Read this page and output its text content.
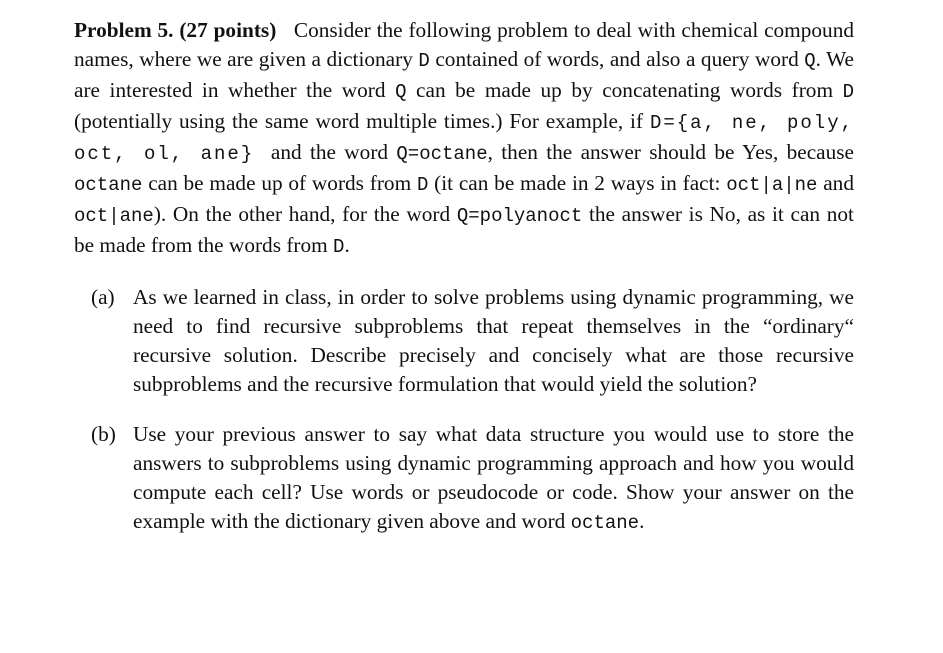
Problem 5. (27 points) Consider the following problem to deal with chemical compound names, where we are given a dictionary D contained of words, and also a query word Q. We are interested in whether the word Q can be made up by concatenating words from D (potentially using the same word multiple times.) For example, if D={a, ne, poly, oct, ol, ane} and the word Q=octane, then the answer should be Yes, because octane can be made up of words from D (it can be made in 2 ways in fact: oct|a|ne and oct|ane). On the other hand, for the word Q=polyanoct the answer is No, as it can not be made from the words from D.

(a) As we learned in class, in order to solve problems using dynamic programming, we need to find recursive subproblems that repeat themselves in the “ordinary“ recursive solution. Describe precisely and concisely what are those recursive subproblems and the recursive formulation that would yield the solution?
(b) Use your previous answer to say what data structure you would use to store the answers to subproblems using dynamic programming approach and how you would compute each cell? Use words or pseudocode or code. Show your answer on the example with the dictionary given above and word octane.
